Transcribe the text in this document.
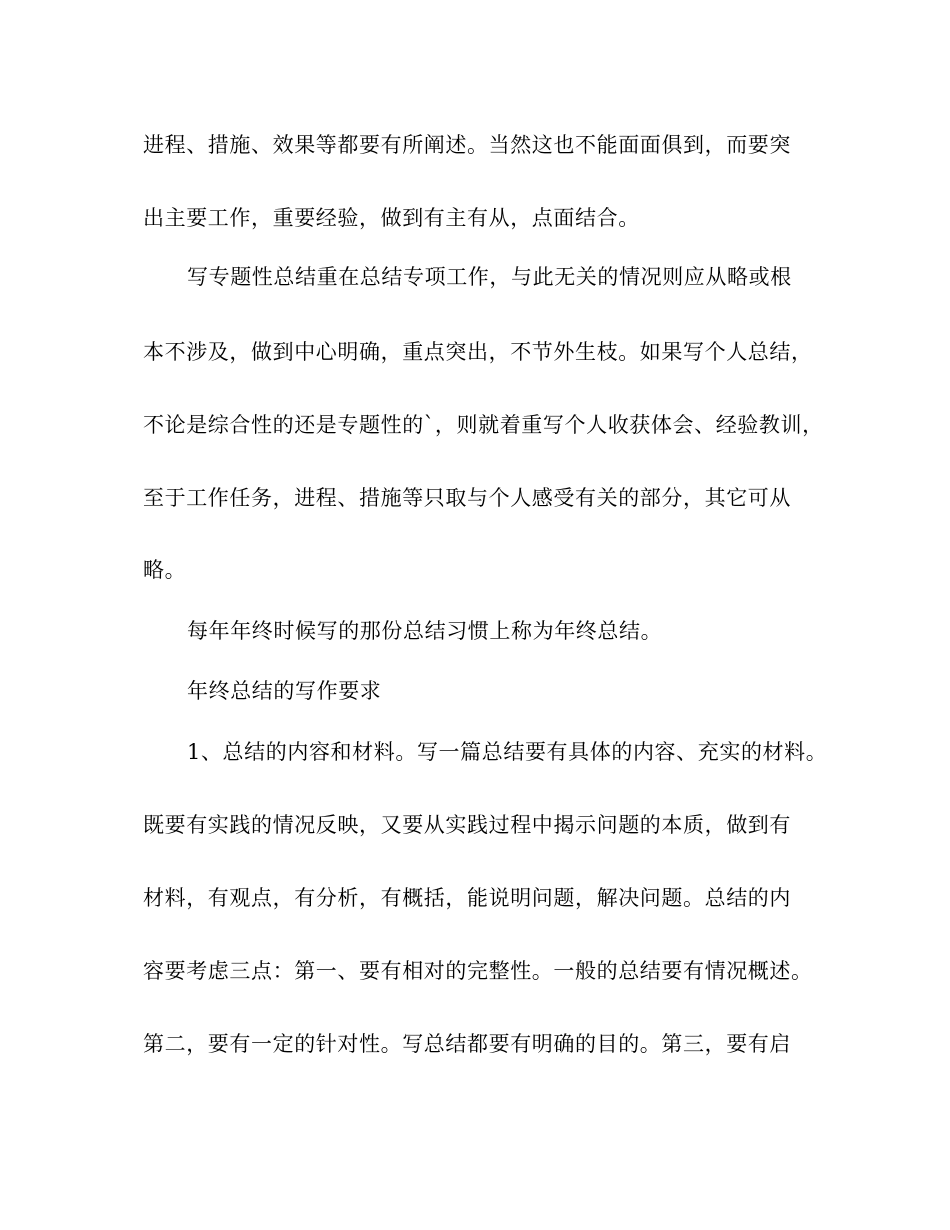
进程、措施、效果等都要有所阐述。当然这也不能面面俱到，而要突
出主要工作，重要经验，做到有主有从，点面结合。
写专题性总结重在总结专项工作，与此无关的情况则应从略或根
本不涉及，做到中心明确，重点突出，不节外生枝。如果写个人总结，
不论是综合性的还是专题性的`，则就着重写个人收获体会、经验教训，
至于工作任务，进程、措施等只取与个人感受有关的部分，其它可从
略。
每年年终时候写的那份总结习惯上称为年终总结。
年终总结的写作要求
1、总结的内容和材料。写一篇总结要有具体的内容、充实的材料。
既要有实践的情况反映，又要从实践过程中揭示问题的本质，做到有
材料，有观点，有分析，有概括，能说明问题，解决问题。总结的内
容要考虑三点：第一、要有相对的完整性。一般的总结要有情况概述。
第二，要有一定的针对性。写总结都要有明确的目的。第三，要有启
